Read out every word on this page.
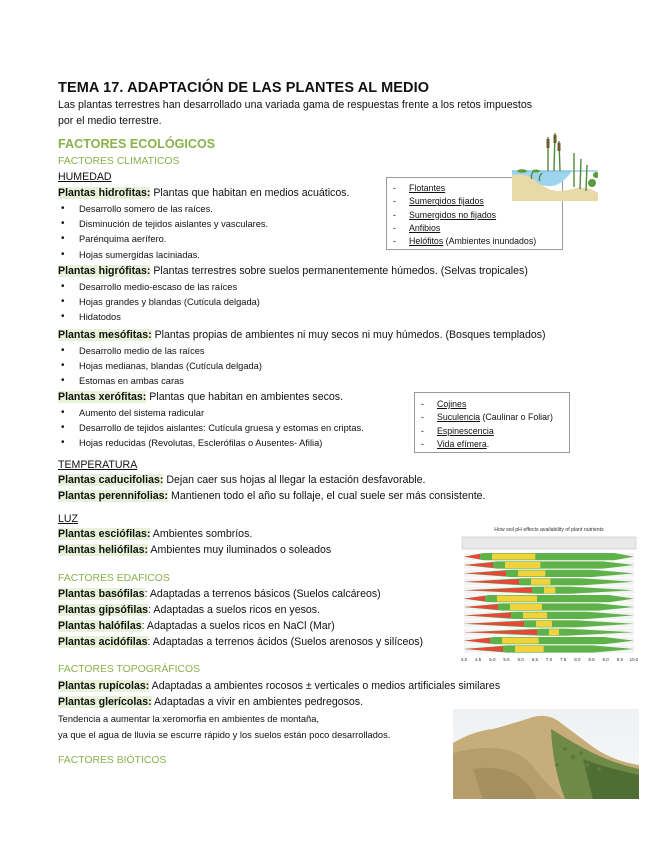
TEMA 17. ADAPTACIÓN DE LAS PLANTES AL MEDIO
Las plantas terrestres han desarrollado una variada gama de respuestas frente a los retos impuestos
por el medio terrestre.
FACTORES ECOLÓGICOS
FACTORES CLIMATICOS
HUMEDAD
Plantas hidrofitas: Plantas que habitan en medios acuáticos.
• Desarrollo somero de las raíces.
• Disminución de tejidos aislantes y vasculares.
• Parénquima aerífero.
• Hojas sumergidas laciniadas.
- Flotantes
- Sumergidos fijados
- Sumergidos no fijados
- Anfibios
- Helófitos (Ambientes inundados)
Plantas higrófitas: Plantas terrestres sobre suelos permanentemente húmedos. (Selvas tropicales)
• Desarrollo medio-escaso de las raíces
• Hojas grandes y blandas (Cutícula delgada)
• Hidatodos
Plantas mesófitas: Plantas propias de ambientes ni muy secos ni muy húmedos. (Bosques templados)
• Desarrollo medio de las raíces
• Hojas medianas, blandas (Cutícula delgada)
• Estomas en ambas caras
Plantas xerófitas: Plantas que habitan en ambientes secos.
• Aumento del sistema radicular
• Desarrollo de tejidos aislantes: Cutícula gruesa y estomas en criptas.
• Hojas reducidas (Revolutas, Esclerófilas o Ausentes- Afilia)
- Cojines
- Suculencia (Caulinar o Foliar)
- Espinescencia
- Vida efímera.
TEMPERATURA
Plantas caducifolias: Dejan caer sus hojas al llegar la estación desfavorable.
Plantas perennifolias: Mantienen todo el año su follaje, el cual suele ser más consistente.
LUZ
Plantas esciófilas: Ambientes sombríos.
Plantas heliófilas: Ambientes muy iluminados o soleados
How soil pH effects availability of plant nutrients
4.0 4.5 5.0 5.5 6.0 6.5 7.0 7.5 8.0 8.5 9.0 9.5 10.0
FACTORES EDAFICOS
Plantas basófilas: Adaptadas a terrenos básicos (Suelos calcáreos)
Plantas gipsófilas: Adaptadas a suelos ricos en yesos.
Plantas halófilas: Adaptadas a suelos ricos en NaCl (Mar)
Plantas acidófilas: Adaptadas a terrenos ácidos (Suelos arenosos y silíceos)
FACTORES TOPOGRÁFICOS
Plantas rupícolas: Adaptadas a ambientes rocosos ± verticales o medios artificiales similares
Plantas glerícolas: Adaptadas a vivir en ambientes pedregosos.
Tendencia a aumentar la xeromorfia en ambientes de montaña,
ya que el agua de lluvia se escurre rápido y los suelos están poco desarrollados.
FACTORES BIÓTICOS
